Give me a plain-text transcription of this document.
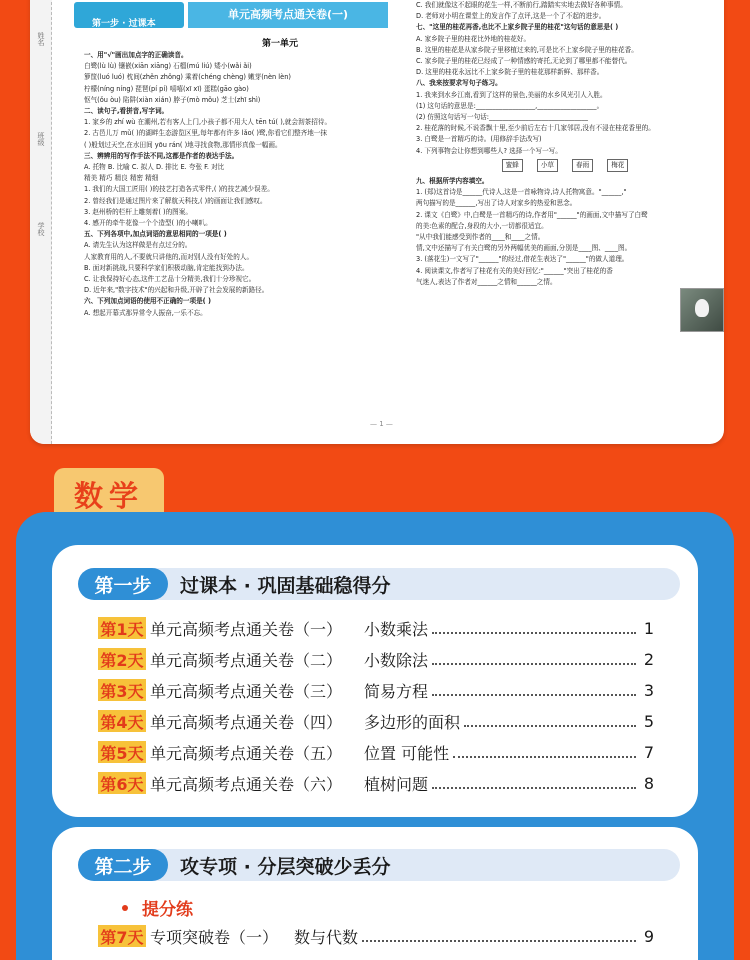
姓名
班级
学校
第一步 · 过课本
单元高频考点通关卷(一)
第一单元

一、用"√"画出加点字的正确读音。

白鹭(lù lù) 镶嵌(xiān xiāng) 石榴(mú liú) 矮小(wǎi ǎi)

箩筐(luó luó) 枕间(zhěn zhǒng) 乘着(chéng chèng) 嫩芽(nèn lèn)

柠檬(níng níng) 琵琶(pí pí) 嘻嘻(xī xī) 蛋糕(gāo gào)

怄气(ǒu òu) 陷阱(xiàn xián) 脖子(mò mǒu) 芝士(zhī shì)

二、读句子,看拼音,写字词。

1. 家乡的 zhí wù 在潮州,若有客人上门,小孩子都不用大人 tēn tú( ),就会沏茶招待。

2. 古邑儿万 mǔ( )的湖畔生态游览区里,每年都有许多 lǎo( )鹭,你看它们整齐地一抹

( )般划过天空,在水田间 yōu rán( )地寻找食物,那情形真像一幅画。

三、辨辨用的写作手法不同,这都是作者的表达手法。

A. 托物 B. 比喻 C. 拟人 D. 排比 E. 夸张 F. 对比

精美 精巧 精良 精密 精细

1. 我们的大国工匠用( )的技艺打造各式零件,( )的技艺减少误差。

2. 曾经我们是通过图片来了解航天科技,( )的画面让我们感叹。

3. 赵州桥的栏杆上雕刻着( )的图案。

4. 感开的牵牛花像一个个造型( )的小喇叭。

五、下列各项中,加点词语的意思相同的一项是( )

A. 请先生认为这样做是有点过分的。

人家教育用的人,不要就只讲他的,而对别人没有好处的人。

B. 面对新挑战,只要科学家们积极动脑,肯定能找到办法。

C. 让我保持好心态,这件工艺品十分精美,我们十分珍视它。

D. 近年来,"数字技术"的兴起和升级,开辟了社会发展的新路径。

六、下列加点词语的使用不正确的一项是( )

A. 想起开幕式那异常令人振奋,一乐不忘。

C. 我们就像这不起眼的花生一样,不断前行,踏踏实实地去做好各种事情。

D. 老师对小明在课堂上的发言作了点评,这是一个了不起的进步。

七、"这里的桂花再香,也比不上家乡院子里的桂花"这句话的意思是( )

A. 家乡院子里的桂花比外地的桂花好。

B. 这里的桂花是从家乡院子里移植过来的,可是比不上家乡院子里的桂花香。

C. 家乡院子里的桂花已经成了一种情感的寄托,无论到了哪里都不能替代。

D. 这里的桂花永远比不上家乡院子里的桂花那样新鲜、那样香。

八、我来按要求写句子练习。

1. 我来到水乡江南,看到了这样的景色,美丽的水乡风光引人入胜。

(1) 这句话的意思是:__________________,__________________。

(2) 仿照这句话写一句话:______________________________

2. 桂花落的时候,不说香飘十里,至少前后左右十几家邻居,没有不浸在桂花香里的。

3. 白鹭是一首精巧的诗。(用修辞手法改写)

4. 下列事物会让你想到哪些人? 选择一个写一写。

蜜蜂	小草	春雨	梅花

九、根据所学内容填空。

1. (郑)这首诗是______代诗人,这是一首咏物诗,诗人托物寓意。"______,"

两句描写的是______,写出了诗人对家乡的热爱和思念。

2. 课文《白鹭》中,白鹭是一首精巧的诗,作者用"______"的画面,文中描写了白鹭

的美:色素的配合,身段的大小,一切都很适宜。

"从中我们能感受到作者的____和____之情。

情,文中还描写了有关白鹭的另外两幅优美的画面,分别是____图、____图。

3. (落花生)一文写了"______"的经过,借花生表达了"______"的做人道理。

4. 阅读课文,作者写了桂花有关的美好回忆:"______"突出了桂花的香

气迷人,表达了作者对______之情和______之情。

— 1 —
数学
第一步	过课本 · 巩固基础稳得分
第1天 单元高频考点通关卷（一） 小数乘法	1
第2天 单元高频考点通关卷（二） 小数除法	2
第3天 单元高频考点通关卷（三） 简易方程	3
第4天 单元高频考点通关卷（四） 多边形的面积	5
第5天 单元高频考点通关卷（五） 位置 可能性	7
第6天 单元高频考点通关卷（六） 植树问题	8
第二步	攻专项 · 分层突破少丢分
提分练
第7天 专项突破卷（一） 数与代数	9
